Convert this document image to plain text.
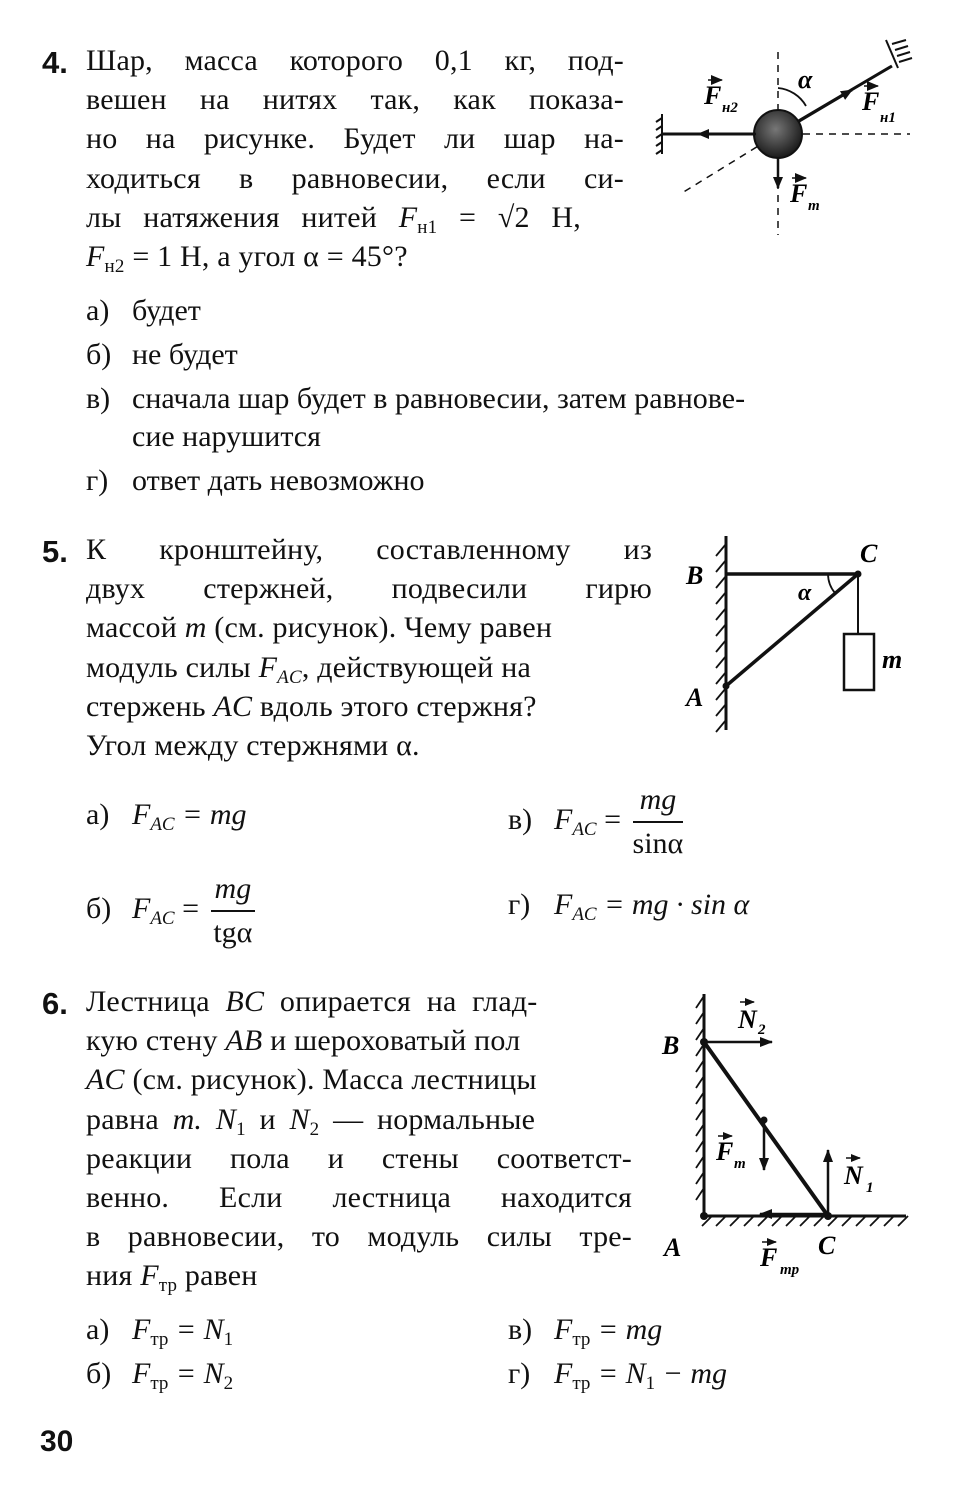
4. Шар, масса которого 0,1 кг, под-
вешен на нитях так, как показа-
но на рисунке. Будет ли шар на-
ходиться в равновесии, если си-
лы натяжения нитей $F_{н1} = √2$ Н,
$F_{н2} = 1$ Н, а угол α = 45°?
α
F н2	F
н1
F т
а) будет
б) не будет
в) сначала шар будет в равновесии, затем равнове-
сие нарушится
г) ответ дать невозможно
5. К кронштейну, составленному из
двух стержней, подвесили гирю
массой m (см. рисунок). Чему равен
модуль силы $F_{AC}$, действующей на
стержень AC вдоль этого стержня?
Угол между стержнями α.
B
C
A
m
α
а) $F_{AC}$ = mg	в) $F_{AC} = \frac{mg}{\sin\alpha}$
б) $F_{AC} = \frac{mg}{\text{tgα}}$	г) $F_{AC}$ = mg · sin α
6. Лестница BC опирается на глад-
кую стену AB и шероховатый пол
AC (см. рисунок). Масса лестницы
равна m. $N_1$ и $N_2$ — нормальные
реакции пола и стены соответст-
венно. Если лестница находится
в равновесии, то модуль силы тре-
ния $F_{тр}$ равен
B
A	C
N 2
F т	N 1
F тр
а) $F_{тр} = N_1$	в) $F_{тр}$ = mg
б) $F_{тр} = N_2$	г) $F_{тр} = N_1$ − mg
30
